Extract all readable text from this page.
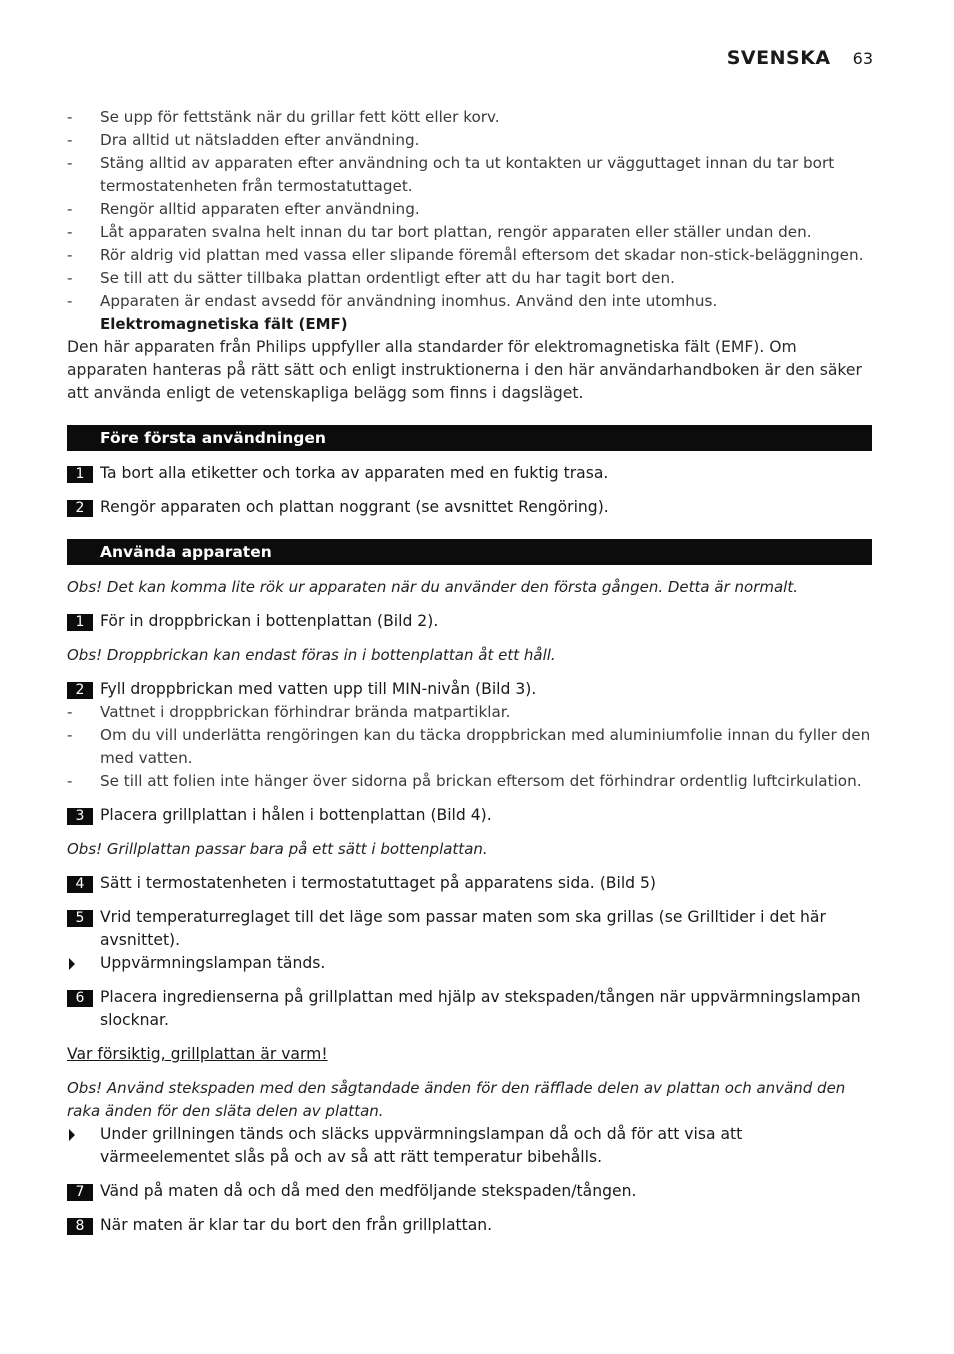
SVENSKA 63
- Se upp för fettstänk när du grillar fett kött eller korv.
- Dra alltid ut nätsladden efter användning.
- Stäng alltid av apparaten efter användning och ta ut kontakten ur vägguttaget innan du tar bort termostatenheten från termostatuttaget.
- Rengör alltid apparaten efter användning.
- Låt apparaten svalna helt innan du tar bort plattan, rengör apparaten eller ställer undan den.
- Rör aldrig vid plattan med vassa eller slipande föremål eftersom det skadar non-stick-beläggningen.
- Se till att du sätter tillbaka plattan ordentligt efter att du har tagit bort den.
- Apparaten är endast avsedd för användning inomhus. Använd den inte utomhus.
Elektromagnetiska fält (EMF)

Den här apparaten från Philips uppfyller alla standarder för elektromagnetiska fält (EMF). Om apparaten hanteras på rätt sätt och enligt instruktionerna i den här användarhandboken är den säker att använda enligt de vetenskapliga belägg som finns i dagsläget.

Före första användningen
1 Ta bort alla etiketter och torka av apparaten med en fuktig trasa.
2 Rengör apparaten och plattan noggrant (se avsnittet Rengöring).
Använda apparaten
Obs! Det kan komma lite rök ur apparaten när du använder den första gången. Detta är normalt.
1 För in droppbrickan i bottenplattan (Bild 2).
Obs! Droppbrickan kan endast föras in i bottenplattan åt ett håll.
2 Fyll droppbrickan med vatten upp till MIN-nivån (Bild 3).
- Vattnet i droppbrickan förhindrar brända matpartiklar.
- Om du vill underlätta rengöringen kan du täcka droppbrickan med aluminiumfolie innan du fyller den med vatten.
- Se till att folien inte hänger över sidorna på brickan eftersom det förhindrar ordentlig luftcirkulation.
3 Placera grillplattan i hålen i bottenplattan (Bild 4).
Obs! Grillplattan passar bara på ett sätt i bottenplattan.
4 Sätt i termostatenheten i termostatuttaget på apparatens sida. (Bild 5)
5 Vrid temperaturreglaget till det läge som passar maten som ska grillas (se Grilltider i det här avsnittet).
Uppvärmningslampan tänds.
6 Placera ingredienserna på grillplattan med hjälp av stekspaden/tången när uppvärmningslampan slocknar.
Var försiktig, grillplattan är varm!
Obs! Använd stekspaden med den sågtandade änden för den räfflade delen av plattan och använd den raka änden för den släta delen av plattan.
Under grillningen tänds och släcks uppvärmningslampan då och då för att visa att värmeelementet slås på och av så att rätt temperatur bibehålls.
7 Vänd på maten då och då med den medföljande stekspaden/tången.
8 När maten är klar tar du bort den från grillplattan.
